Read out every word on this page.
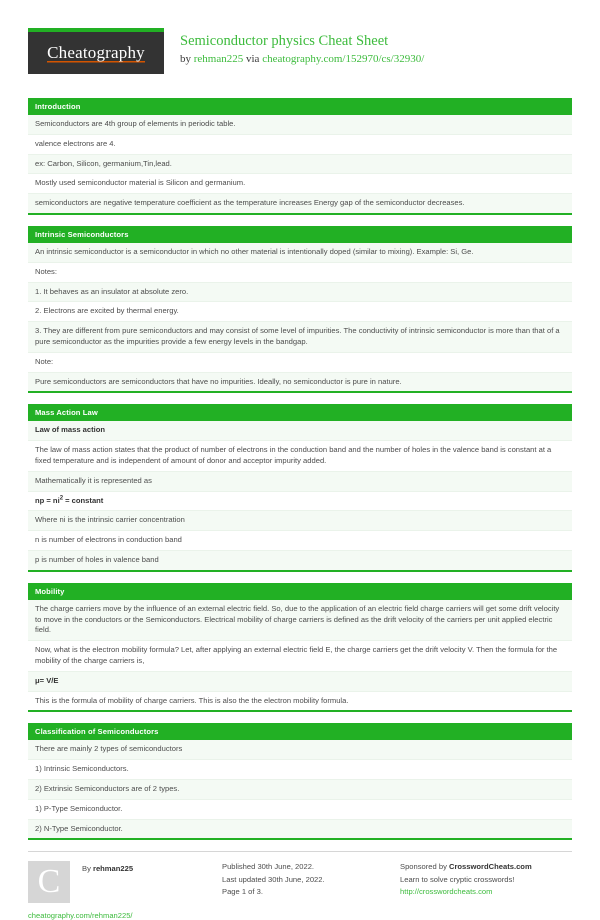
Cheatography
Semiconductor physics Cheat Sheet
by rehman225 via cheatography.com/152970/cs/32930/
Introduction
Semiconductors are 4th group of elements in periodic table.
valence electrons are 4.
ex: Carbon, Silicon, germanium,Tin,lead.
Mostly used semiconductor material is Silicon and germanium.
semiconductors are negative temperature coefficient as the temperature increases Energy gap of the semiconductor decreases.
Intrinsic Semiconductors
An intrinsic semiconductor is a semiconductor in which no other material is intentionally doped (similar to mixing). Example: Si, Ge.
Notes:
1. It behaves as an insulator at absolute zero.
2. Electrons are excited by thermal energy.
3. They are different from pure semiconductors and may consist of some level of impurities. The conductivity of intrinsic semiconductor is more than that of a pure semiconductor as the impurities provide a few energy levels in the bandgap.
Note:
Pure semiconductors are semiconductors that have no impurities. Ideally, no semiconductor is pure in nature.
Mass Action Law
Law of mass action
The law of mass action states that the product of number of electrons in the conduction band and the number of holes in the valence band is constant at a fixed temperature and is independent of amount of donor and acceptor impurity added.
Mathematically it is represented as
np = $ni^2$ = constant
Where ni is the intrinsic carrier concentration
n is number of electrons in conduction band
p is number of holes in valence band
Mobility
The charge carriers move by the influence of an external electric field. So, due to the application of an electric field charge carriers will get some drift velocity to move in the conductors or the Semiconductors. Electrical mobility of charge carriers is defined as the drift velocity of the carriers per unit applied electric field.
Now, what is the electron mobility formula? Let, after applying an external electric field E, the charge carriers get the drift velocity V. Then the formula for the mobility of the charge carriers is,
μ= V/E
This is the formula of mobility of charge carriers. This is also the the electron mobility formula.
Classification of Semiconductors
There are mainly 2 types of semiconductors
1) Intrinsic Semiconductors.
2) Extrinsic Semiconductors are of 2 types.
1) P-Type Semiconductor.
2) N-Type Semiconductor.
C	By rehman225
cheatography.com/rehman225/
Published 30th June, 2022.
Last updated 30th June, 2022.
Page 1 of 3.
Sponsored by CrosswordCheats.com
Learn to solve cryptic crosswords!
http://crosswordcheats.com
